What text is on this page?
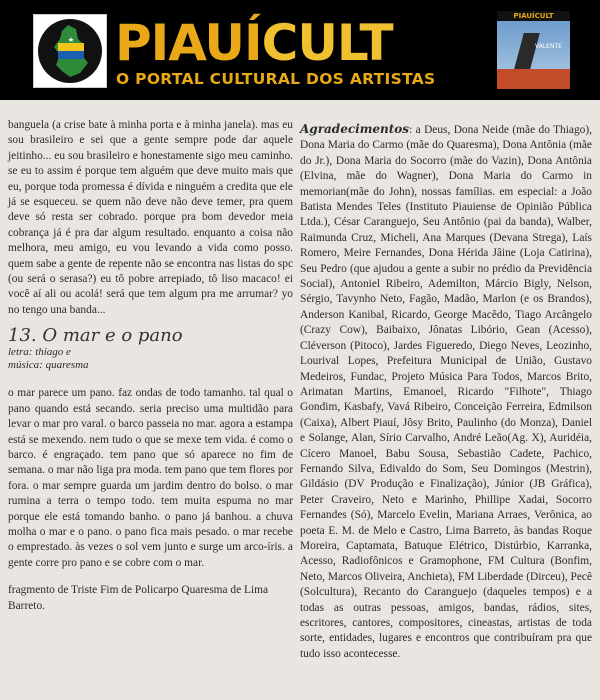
PIAUÍCULT
O PORTAL CULTURAL DOS ARTISTAS
PIAUÍCULT
VALENTE

banguela (a crise bate à minha porta e à minha janela). mas eu sou brasileiro e sei que a gente sempre pode dar aquele jeitinho... eu sou brasileiro e honestamente sigo meu caminho. se eu to assim é porque tem alguém que deve muito mais que eu, porque toda promessa é dívida e ninguém a credita que ele já se esqueceu. se quem não deve não deve temer, pra quem deve só resta ser cobrado. porque pra bom devedor meia cobrança já é pra dar algum resultado. enquanto a coisa não melhora, meu amigo, eu vou levando a vida como posso. quem sabe a gente de repente não se encontra nas listas do spc (ou será o serasa?) eu tô pobre arrepiado, tô liso macaco! ei você aí ali ou acolá! será que tem algum pra me arrumar? yo no tengo una banda...

13. O mar e o pano
letra: thiago e
música: quaresma

o mar parece um pano. faz ondas de todo tamanho. tal qual o pano quando está secando. seria preciso uma multidão para levar o mar pro varal. o barco passeia no mar. agora a estampa está se mexendo. nem tudo o que se mexe tem vida. é como o barco. é engraçado. tem pano que só aparece no fim de semana. o mar não liga pra moda. tem pano que tem flores por fora. o mar sempre guarda um jardim dentro do bolso. o mar rumina a terra o tempo todo. tem muita espuma no mar porque ele está tomando banho. o pano já banhou. a chuva molha o mar e o pano. o pano fica mais pesado. o mar recebe o emprestado. às vezes o sol vem junto e surge um arco-íris. a gente corre pro pano e se cobre com o mar.

fragmento de Triste Fim de Policarpo Quaresma de Lima Barreto.

Agradecimentos: a Deus, Dona Neide (mãe do Thiago), Dona Maria do Carmo (mãe do Quaresma), Dona Antônia (mãe do Jr.), Dona Maria do Socorro (mãe do Vazin), Dona Antônia (Elvina, mãe do Wagner), Dona Maria do Carmo in memorian(mãe do John), nossas famílias. em especial: a João Batista Mendes Teles (Instituto Piauiense de Opinião Pública Ltda.), César Caranguejo, Seu Antônio (pai da banda), Walber, Raimunda Cruz, Micheli, Ana Marques (Devana Strega), Laís Romero, Meire Fernandes, Dona Hérida Jâine (Loja Catirina), Seu Pedro (que ajudou a gente a subir no prédio da Previdência Social), Antoniel Ribeiro, Ademilton, Márcio Bigly, Nelson, Sérgio, Tavynho Neto, Fagão, Madão, Marlon (e os Brandos), Anderson Kanibal, Ricardo, George Macêdo, Tiago Arcângelo (Crazy Cow), Baibaixo, Jônatas Libório, Gean (Acesso), Cléverson (Pitoco), Jardes Figueredo, Diego Neves, Leozinho, Lourival Lopes, Prefeitura Municipal de União, Gustavo Medeiros, Fundac, Projeto Música Para Todos, Marcos Brito, Arimatan Martins, Emanoel, Ricardo "Filhote", Thiago Gondim, Kasbafy, Vavá Ribeiro, Conceição Ferreira, Edmilson (Caixa), Albert Piauí, Jôsy Brito, Paulinho (do Monza), Daniel e Solange, Alan, Sírio Carvalho, André Leão(Ag. X), Auridéia, Cícero Manoel, Babu Sousa, Sebastião Cadete, Pachico, Fernando Silva, Edivaldo do Som, Seu Domingos (Mestrin), Gildásio (DV Produção e Finalização), Júnior (JB Gráfica), Peter Craveiro, Neto e Marinho, Phillipe Xadai, Socorro Fernandes (Só), Marcelo Evelin, Mariana Arraes, Verônica, ao poeta E. M. de Melo e Castro, Lima Barreto, às bandas Roque Moreira, Captamata, Batuque Elétrico, Distúrbio, Karranka, Acesso, Radiofônicos e Gramophone, FM Cultura (Bonfim, Neto, Marcos Oliveira, Anchieta), FM Liberdade (Dirceu), Pecê (Solcultura), Recanto do Caranguejo (daqueles tempos) e a todas as outras pessoas, amigos, bandas, rádios, sites, escritores, cantores, compositores, cineastas, artistas de toda sorte, entidades, lugares e encontros que contribuíram pra que tudo isso acontecesse.
